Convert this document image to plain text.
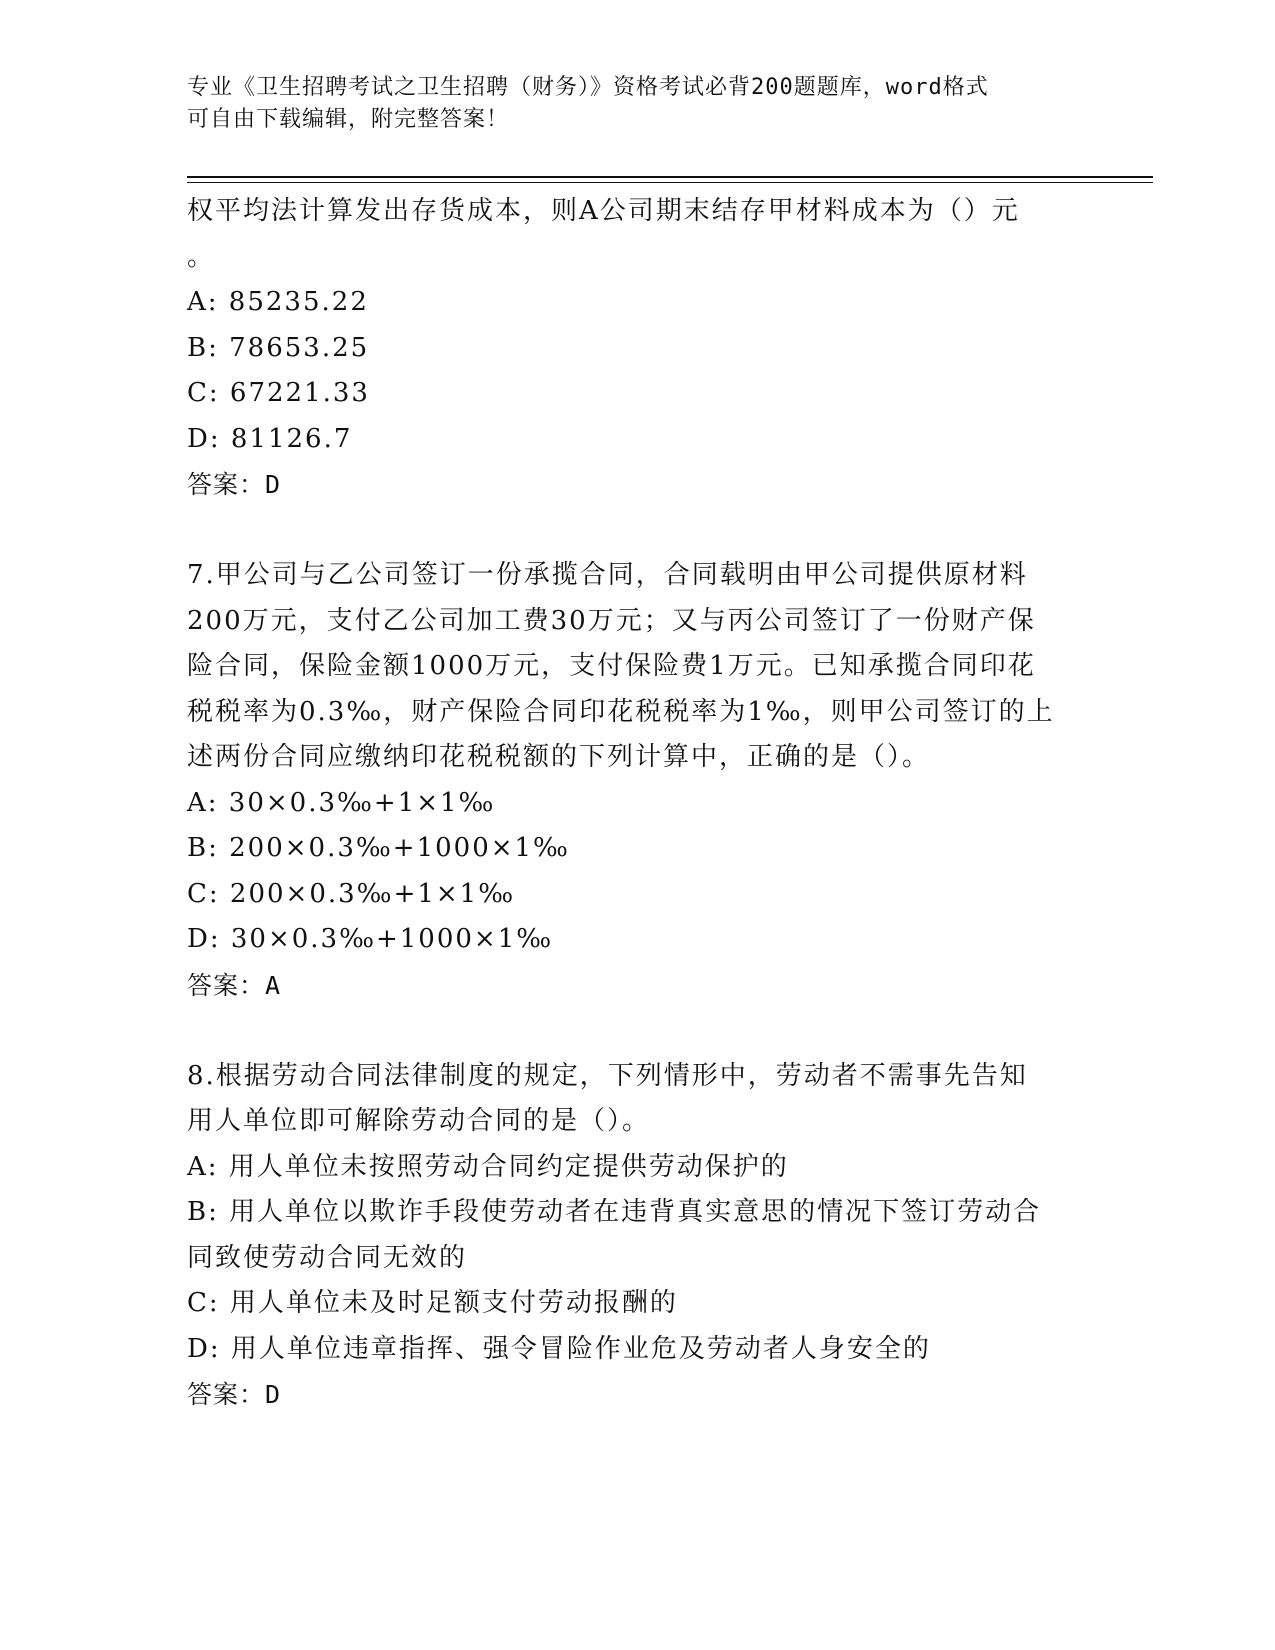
专业《卫生招聘考试之卫生招聘（财务）》资格考试必背200题题库，word格式
可自由下载编辑，附完整答案！
权平均法计算发出存货成本，则A公司期末结存甲材料成本为（）元
。
A: 85235.22
B: 78653.25
C: 67221.33
D: 81126.7
答案：D
7.甲公司与乙公司签订一份承揽合同，合同载明由甲公司提供原材料
200万元，支付乙公司加工费30万元；又与丙公司签订了一份财产保
险合同，保险金额1000万元，支付保险费1万元。已知承揽合同印花
税税率为0.3‰，财产保险合同印花税税率为1‰，则甲公司签订的上
述两份合同应缴纳印花税税额的下列计算中，正确的是（）。
A: 30×0.3‰+1×1‰
B: 200×0.3‰+1000×1‰
C: 200×0.3‰+1×1‰
D: 30×0.3‰+1000×1‰
答案：A
8.根据劳动合同法律制度的规定，下列情形中，劳动者不需事先告知
用人单位即可解除劳动合同的是（）。
A: 用人单位未按照劳动合同约定提供劳动保护的
B: 用人单位以欺诈手段使劳动者在违背真实意思的情况下签订劳动合
同致使劳动合同无效的
C: 用人单位未及时足额支付劳动报酬的
D: 用人单位违章指挥、强令冒险作业危及劳动者人身安全的
答案：D
